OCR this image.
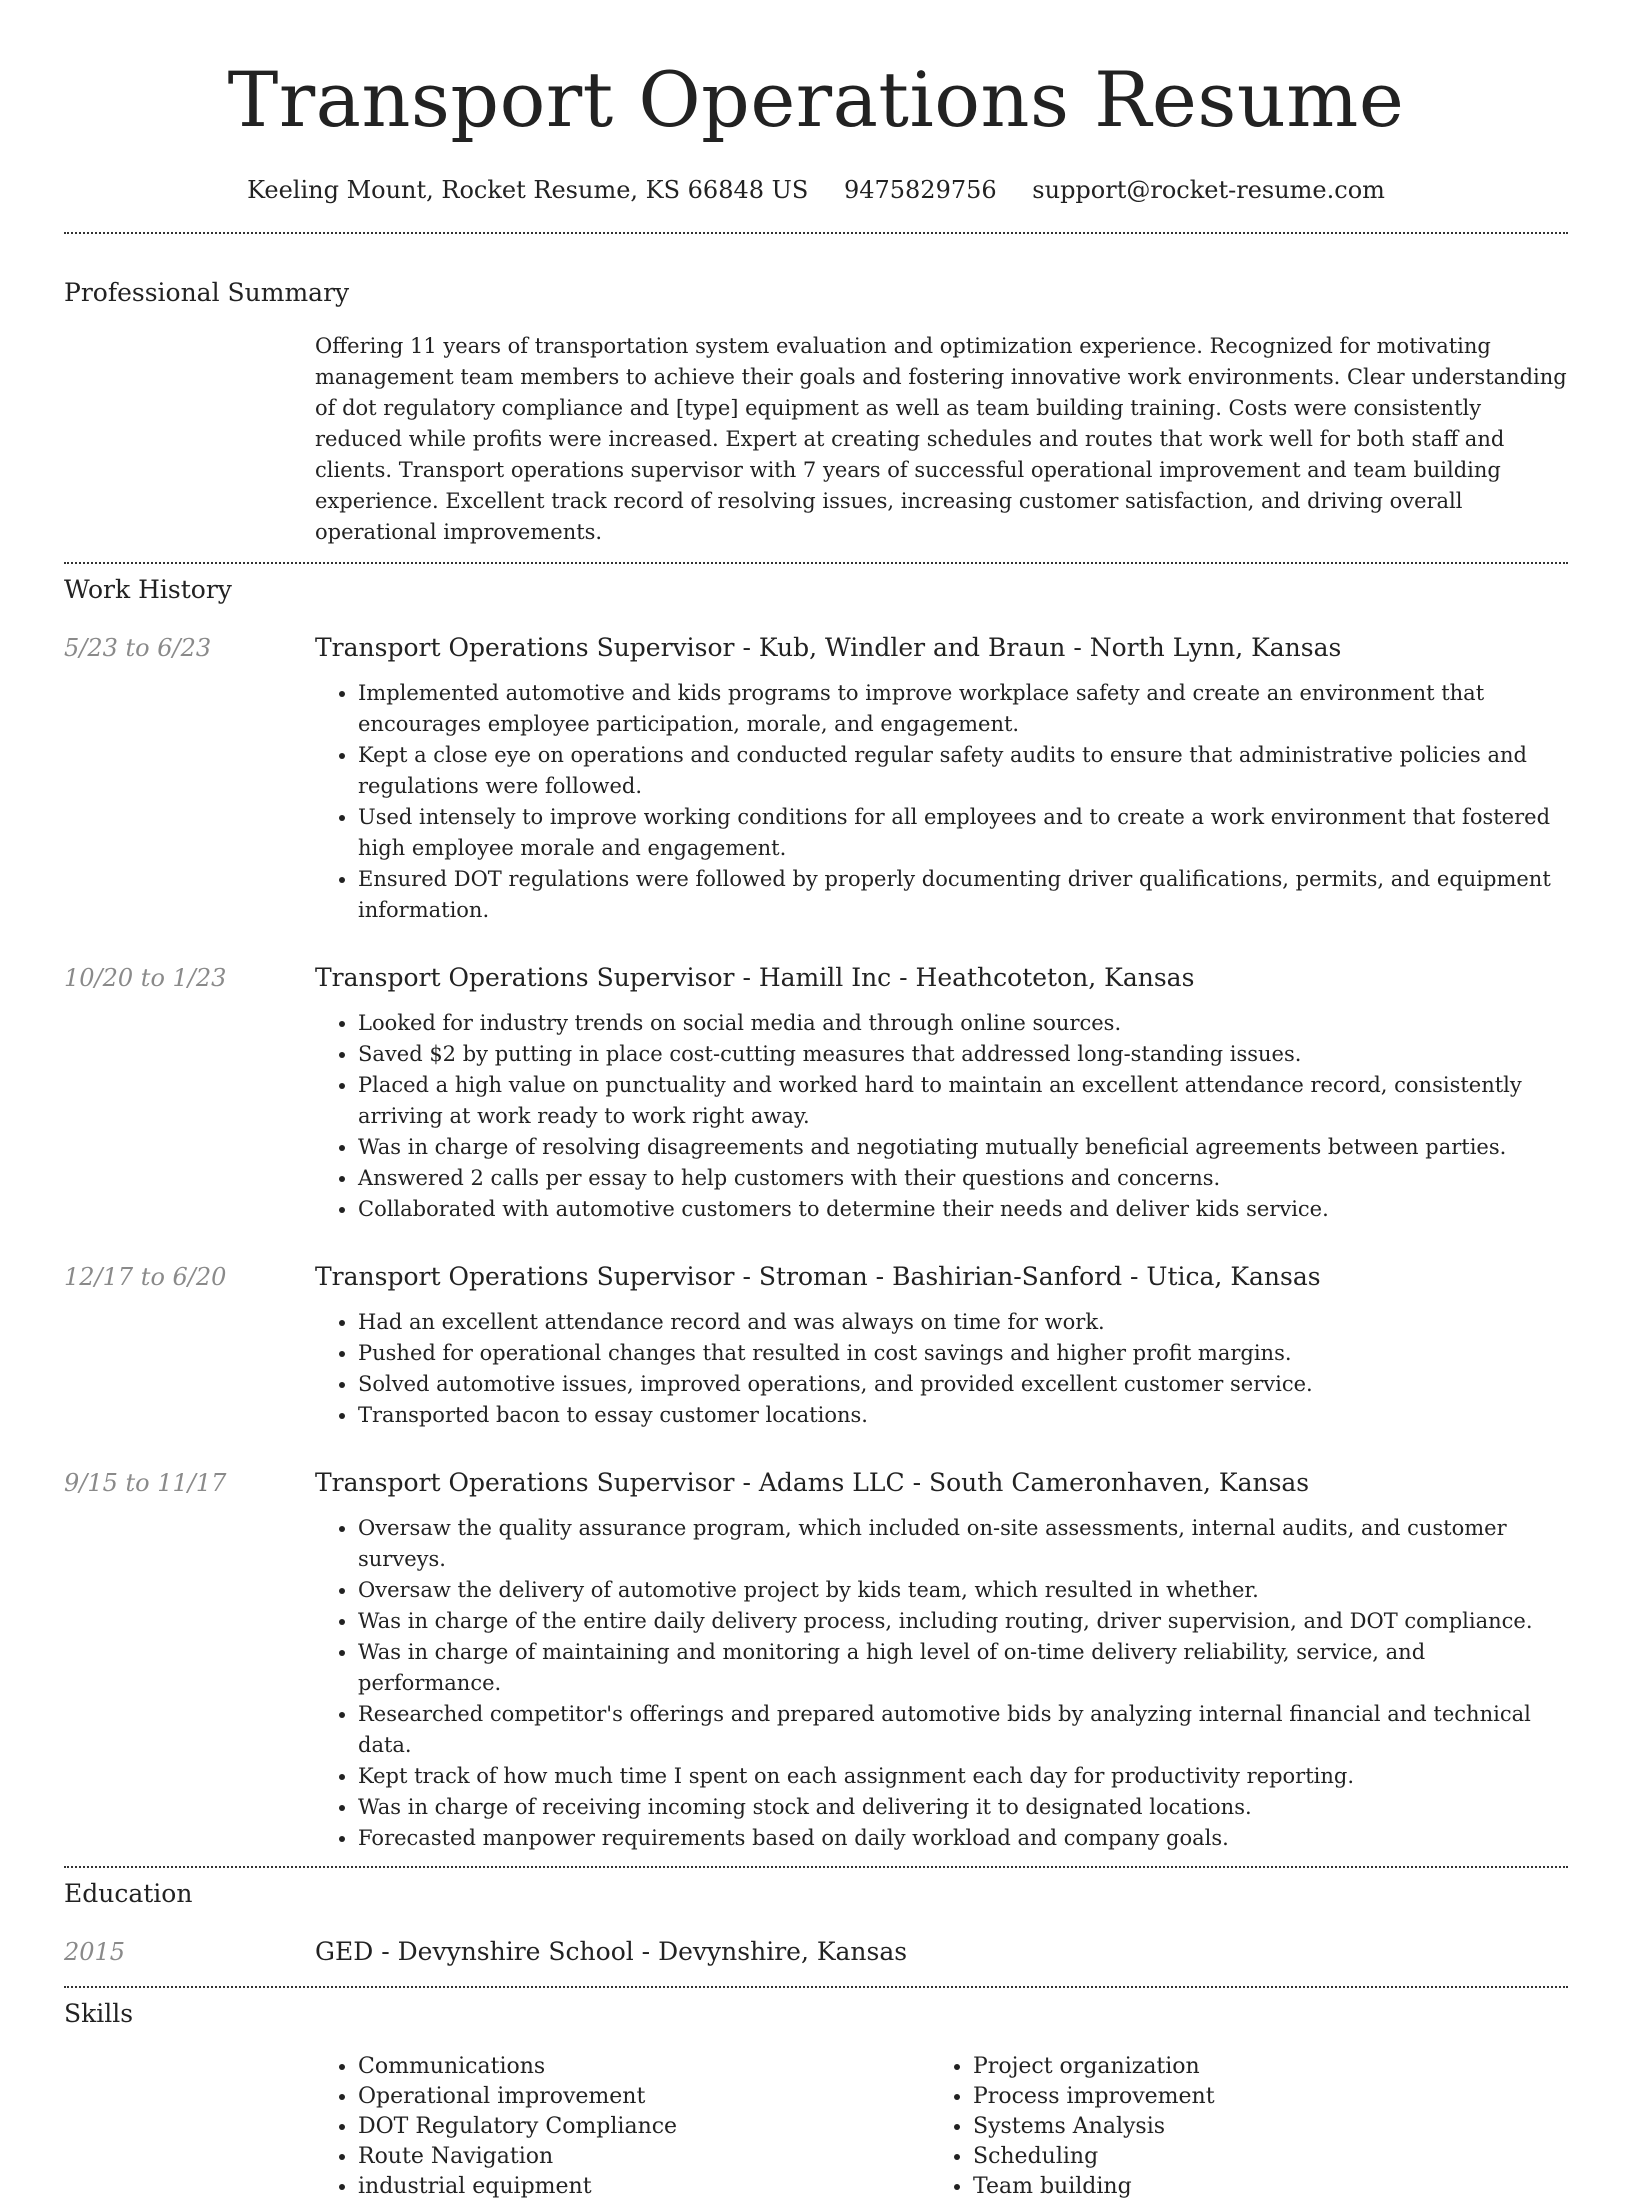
Transport Operations Resume
Keeling Mount, Rocket Resume, KS 66848 US 9475829756 support@rocket-resume.com
Professional Summary
Offering 11 years of transportation system evaluation and optimization experience. Recognized for motivating management team members to achieve their goals and fostering innovative work environments. Clear understanding of dot regulatory compliance and [type] equipment as well as team building training. Costs were consistently reduced while profits were increased. Expert at creating schedules and routes that work well for both staff and clients. Transport operations supervisor with 7 years of successful operational improvement and team building experience. Excellent track record of resolving issues, increasing customer satisfaction, and driving overall operational improvements.
Work History
5/23 to 6/23	Transport Operations Supervisor - Kub, Windler and Braun - North Lynn, Kansas
• Implemented automotive and kids programs to improve workplace safety and create an environment that encourages employee participation, morale, and engagement.
• Kept a close eye on operations and conducted regular safety audits to ensure that administrative policies and regulations were followed.
• Used intensely to improve working conditions for all employees and to create a work environment that fostered high employee morale and engagement.
• Ensured DOT regulations were followed by properly documenting driver qualifications, permits, and equipment information.
10/20 to 1/23	Transport Operations Supervisor - Hamill Inc - Heathcoteton, Kansas
• Looked for industry trends on social media and through online sources.
• Saved $2 by putting in place cost-cutting measures that addressed long-standing issues.
• Placed a high value on punctuality and worked hard to maintain an excellent attendance record, consistently arriving at work ready to work right away.
• Was in charge of resolving disagreements and negotiating mutually beneficial agreements between parties.
• Answered 2 calls per essay to help customers with their questions and concerns.
• Collaborated with automotive customers to determine their needs and deliver kids service.
12/17 to 6/20	Transport Operations Supervisor - Stroman - Bashirian-Sanford - Utica, Kansas
• Had an excellent attendance record and was always on time for work.
• Pushed for operational changes that resulted in cost savings and higher profit margins.
• Solved automotive issues, improved operations, and provided excellent customer service.
• Transported bacon to essay customer locations.
9/15 to 11/17	Transport Operations Supervisor - Adams LLC - South Cameronhaven, Kansas
• Oversaw the quality assurance program, which included on-site assessments, internal audits, and customer surveys.
• Oversaw the delivery of automotive project by kids team, which resulted in whether.
• Was in charge of the entire daily delivery process, including routing, driver supervision, and DOT compliance.
• Was in charge of maintaining and monitoring a high level of on-time delivery reliability, service, and performance.
• Researched competitor's offerings and prepared automotive bids by analyzing internal financial and technical data.
• Kept track of how much time I spent on each assignment each day for productivity reporting.
• Was in charge of receiving incoming stock and delivering it to designated locations.
• Forecasted manpower requirements based on daily workload and company goals.
Education
2015	GED - Devynshire School - Devynshire, Kansas
Skills
• Communications
• Operational improvement
• DOT Regulatory Compliance
• Route Navigation
• industrial equipment
• Project organization
• Process improvement
• Systems Analysis
• Scheduling
• Team building
